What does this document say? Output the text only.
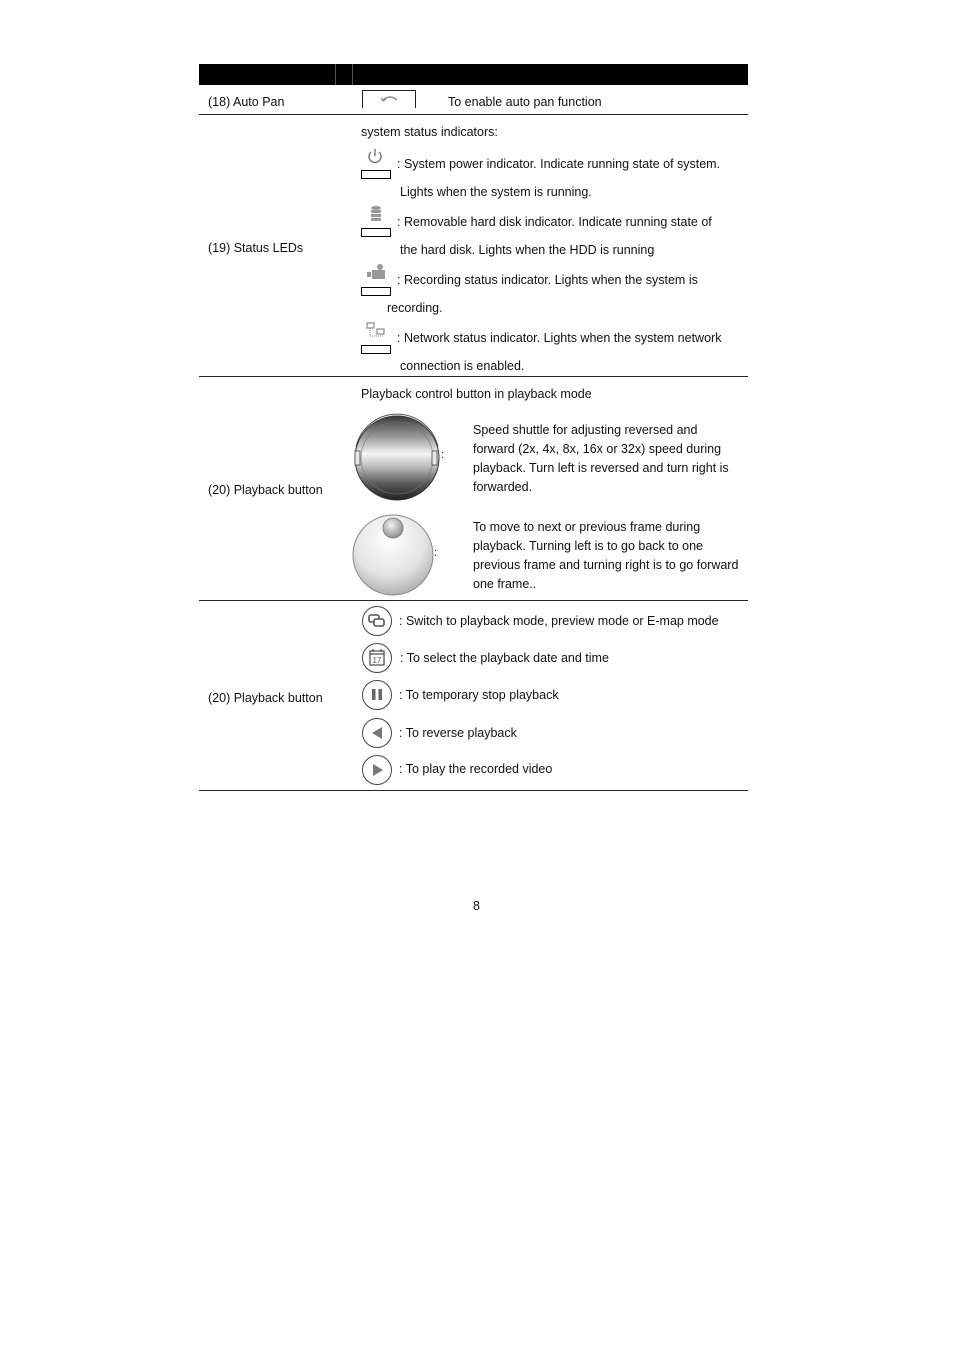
(18) Auto Pan	To enable auto pan function
(19) Status LEDs
system status indicators:
: System power indicator. Indicate running state of system.
Lights when the system is running.
: Removable hard disk indicator. Indicate running state of
the hard disk. Lights when the HDD is running
: Recording status indicator. Lights when the system is
recording.
: Network status indicator. Lights when the system network
connection is enabled.
(20) Playback button
Playback control button in playback mode
:
Speed shuttle for adjusting reversed and forward (2x, 4x, 8x, 16x or 32x) speed during playback. Turn left is reversed and turn right is forwarded.
:
To move to next or previous frame during playback. Turning left is to go back to one previous frame and turning right is to go forward one frame..
(20) Playback button
: Switch to playback mode, preview mode or E-map mode
17 : To select the playback date and time
: To temporary stop playback
: To reverse playback
: To play the recorded video
8
